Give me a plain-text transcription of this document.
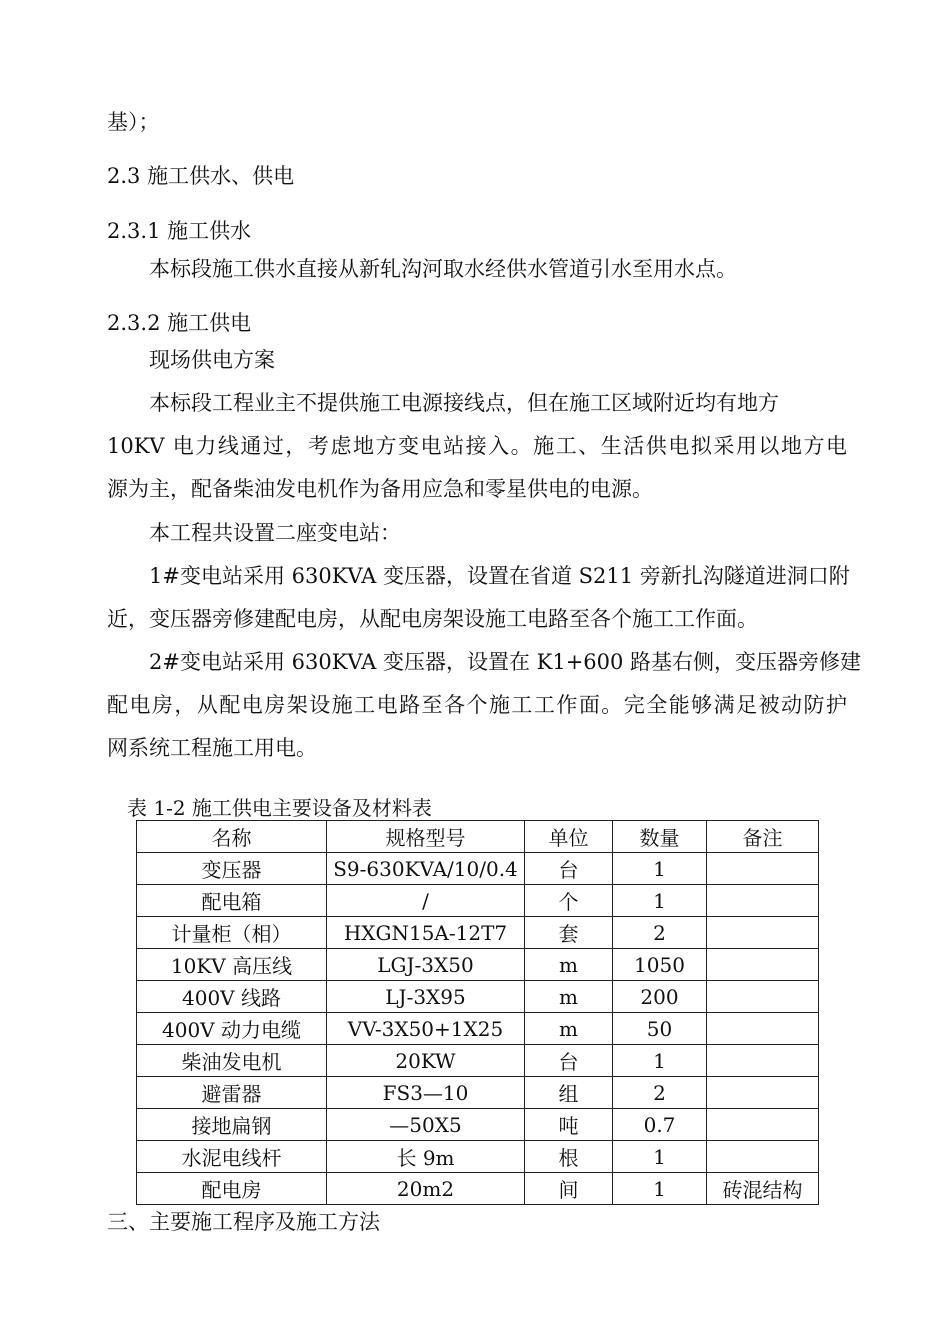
基）；
2.3 施工供水、供电
2.3.1 施工供水
本标段施工供水直接从新轧沟河取水经供水管道引水至用水点。
2.3.2 施工供电
现场供电方案
本标段工程业主不提供施工电源接线点，但在施工区域附近均有地方
10KV 电力线通过，考虑地方变电站接入。施工、生活供电拟采用以地方电
源为主，配备柴油发电机作为备用应急和零星供电的电源。
本工程共设置二座变电站：
1#变电站采用 630KVA 变压器，设置在省道 S211 旁新扎沟隧道进洞口附
近，变压器旁修建配电房，从配电房架设施工电路至各个施工工作面。
2#变电站采用 630KVA 变压器，设置在 K1+600 路基右侧，变压器旁修建
配电房，从配电房架设施工电路至各个施工工作面。完全能够满足被动防护
网系统工程施工用电。
表 1-2 施工供电主要设备及材料表
名称	规格型号	单位	数量	备注
变压器	S9-630KVA/10/0.4	台	1	
配电箱	/	个	1	
计量柜（相）	HXGN15A-12T7	套	2	
10KV 高压线	LGJ-3X50	m	1050	
400V 线路	LJ-3X95	m	200	
400V 动力电缆	VV-3X50+1X25	m	50	
柴油发电机	20KW	台	1	
避雷器	FS3—10	组	2	
接地扁钢	—50X5	吨	0.7	
水泥电线杆	长 9m	根	1	
配电房	20m2	间	1	砖混结构
三、主要施工程序及施工方法
